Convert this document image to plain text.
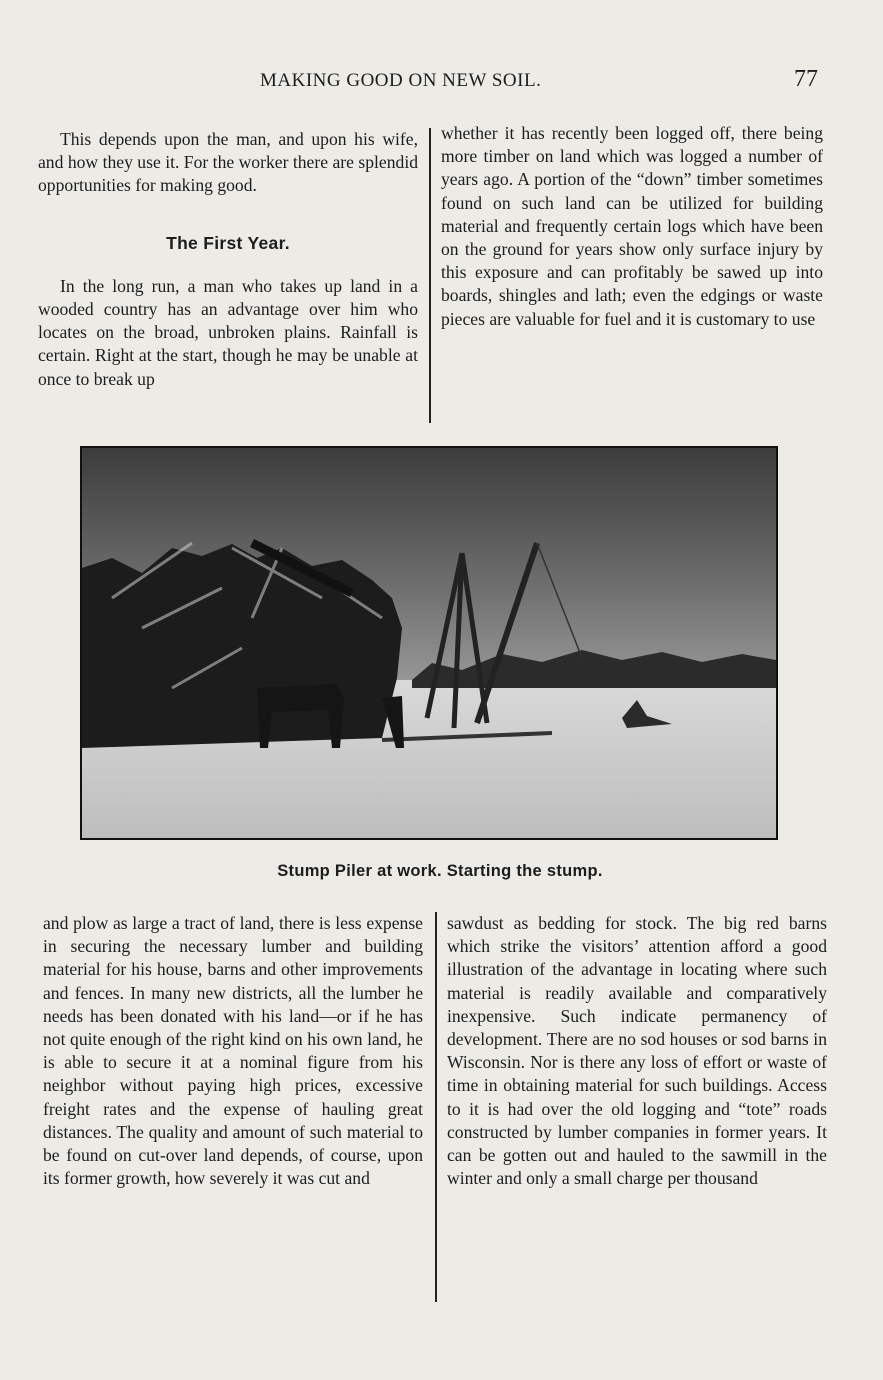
MAKING GOOD ON NEW SOIL.	77

This depends upon the man, and upon his wife, and how they use it. For the worker there are splendid opportunities for making good.

The First Year.

In the long run, a man who takes up land in a wooded country has an advantage over him who locates on the broad, unbroken plains. Rainfall is certain. Right at the start, though he may be unable at once to break up

whether it has recently been logged off, there being more timber on land which was logged a number of years ago. A portion of the “down” timber sometimes found on such land can be utilized for building material and frequently certain logs which have been on the ground for years show only surface injury by this exposure and can profitably be sawed up into boards, shingles and lath; even the edgings or waste pieces are valuable for fuel and it is customary to use

Stump Piler at work. Starting the stump.

and plow as large a tract of land, there is less expense in securing the necessary lumber and building material for his house, barns and other improvements and fences. In many new districts, all the lumber he needs has been donated with his land—or if he has not quite enough of the right kind on his own land, he is able to secure it at a nominal figure from his neighbor without paying high prices, excessive freight rates and the expense of hauling great distances. The quality and amount of such material to be found on cut-over land depends, of course, upon its former growth, how severely it was cut and

sawdust as bedding for stock. The big red barns which strike the visitors’ attention afford a good illustration of the advantage in locating where such material is readily available and comparatively inexpensive. Such indicate permanency of development. There are no sod houses or sod barns in Wisconsin. Nor is there any loss of effort or waste of time in obtaining material for such buildings. Access to it is had over the old logging and “tote” roads constructed by lumber companies in former years. It can be gotten out and hauled to the sawmill in the winter and only a small charge per thousand
